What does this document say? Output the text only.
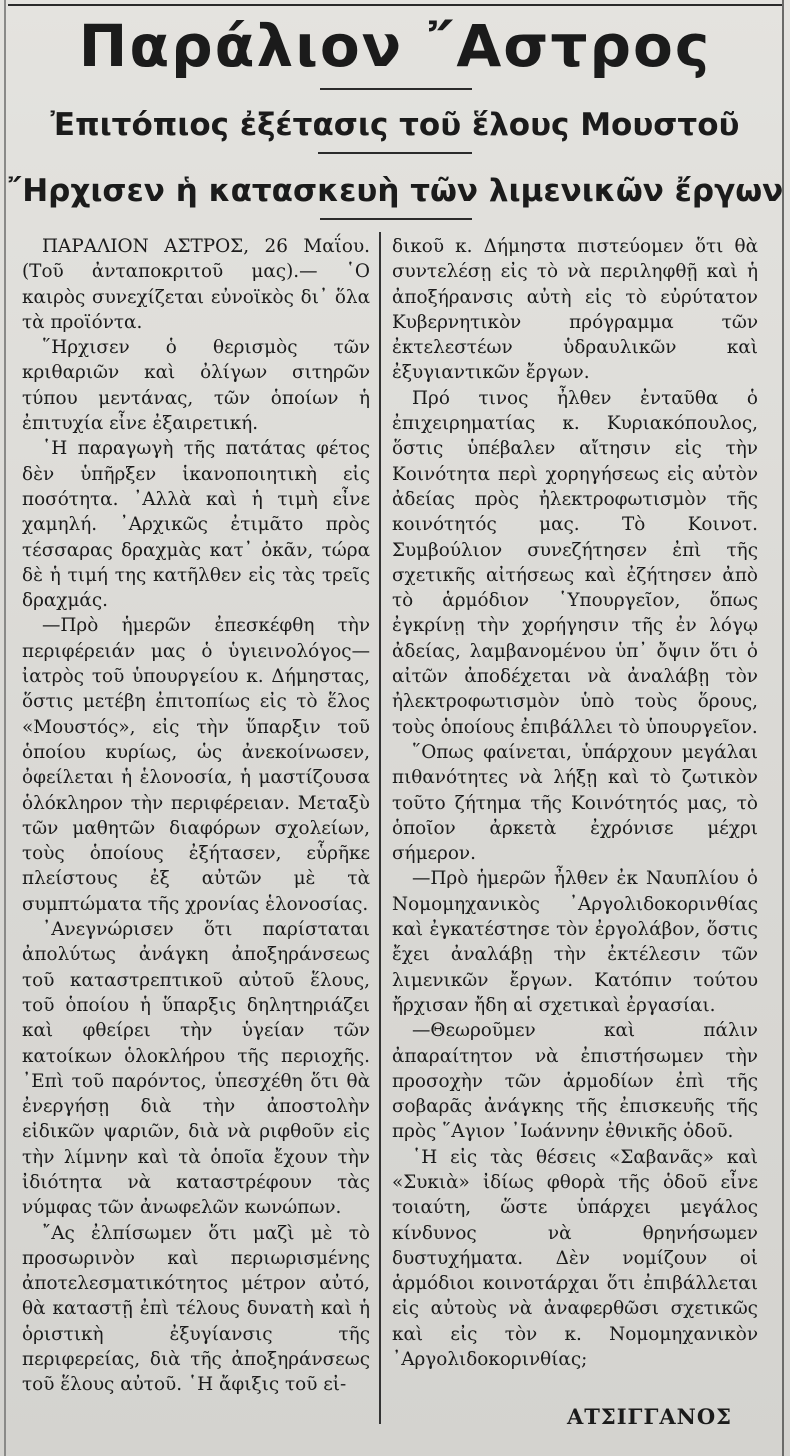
Παράλιον ῎Αστρος
Ἐπιτόπιος ἐξέτασις τοῦ ἕλους Μουστοῦ
῎Ηρχισεν ἡ κατασκευὴ τῶν λιμενικῶν ἔργων

ΠΑΡΑΛΙΟΝ ΑΣΤΡΟΣ, 26 Μαΐου. (Τοῦ ἀνταποκριτοῦ μας).— ῾Ο καιρὸς συνεχίζεται εὐνοϊκὸς δι᾽ ὅλα τὰ προϊόντα.

῞Ηρχισεν ὁ θερισμὸς τῶν κριθαριῶν καὶ ὀλίγων σιτηρῶν τύπου μεντάνας, τῶν ὁποίων ἡ ἐπιτυχία εἶνε ἐξαιρετική.

῾Η παραγωγὴ τῆς πατάτας φέτος δὲν ὑπῆρξεν ἱκανοποιητικὴ εἰς ποσότητα. ᾽Αλλὰ καὶ ἡ τιμὴ εἶνε χαμηλή. ᾽Αρχικῶς ἐτιμᾶτο πρὸς τέσσαρας δραχμὰς κατ᾽ ὀκᾶν, τώρα δὲ ἡ τιμή της κατῆλθεν εἰς τὰς τρεῖς δραχμάς.

—Πρὸ ἡμερῶν ἐπεσκέφθη τὴν περιφέρειάν μας ὁ ὑγιεινολόγος— ἰατρὸς τοῦ ὑπουργείου κ. Δήμηστας, ὅστις μετέβη ἐπιτοπίως εἰς τὸ ἕλος «Μουστός», εἰς τὴν ὕπαρξιν τοῦ ὁποίου κυρίως, ὡς ἀνεκοίνωσεν, ὀφείλεται ἡ ἑλονοσία, ἡ μαστίζουσα ὁλόκληρον τὴν περιφέρειαν. Μεταξὺ τῶν μαθητῶν διαφόρων σχολείων, τοὺς ὁποίους ἐξήτασεν, εὗρῆκε πλείστους ἐξ αὐτῶν μὲ τὰ συμπτώματα τῆς χρονίας ἑλονοσίας.

᾽Ανεγνώρισεν ὅτι παρίσταται ἀπολύτως ἀνάγκη ἀποξηράνσεως τοῦ καταστρεπτικοῦ αὐτοῦ ἕλους, τοῦ ὁποίου ἡ ὕπαρξις δηλητηριάζει καὶ φθείρει τὴν ὑγείαν τῶν κατοίκων ὁλοκλήρου τῆς περιοχῆς. ᾽Επὶ τοῦ παρόντος, ὑπεσχέθη ὅτι θὰ ἐνεργήσῃ διὰ τὴν ἀποστολὴν εἰδικῶν ψαριῶν, διὰ νὰ ριφθοῦν εἰς τὴν λίμνην καὶ τὰ ὁποῖα ἔχουν τὴν ἰδιότητα νὰ καταστρέφουν τὰς νύμφας τῶν ἀνωφελῶν κωνώπων.

῎Ας ἐλπίσωμεν ὅτι μαζὶ μὲ τὸ προσωρινὸν καὶ περιωρισμένης ἀποτελεσματικότητος μέτρον αὐτό, θὰ καταστῇ ἐπὶ τέλους δυνατὴ καὶ ἡ ὁριστικὴ ἐξυγίανσις τῆς περιφερείας, διὰ τῆς ἀποξηράνσεως τοῦ ἕλους αὐτοῦ. ῾Η ἄφιξις τοῦ εἰ-

δικοῦ κ. Δήμηστα πιστεύομεν ὅτι θὰ συντελέσῃ εἰς τὸ νὰ περιληφθῇ καὶ ἡ ἀποξήρανσις αὐτὴ εἰς τὸ εὐρύτατον Κυβερνητικὸν πρόγραμμα τῶν ἐκτελεστέων ὑδραυλικῶν καὶ ἐξυγιαντικῶν ἔργων.

Πρό τινος ἦλθεν ἐνταῦθα ὁ ἐπιχειρηματίας κ. Κυριακόπουλος, ὅστις ὑπέβαλεν αἴτησιν εἰς τὴν Κοινότητα περὶ χορηγήσεως εἰς αὐτὸν ἀδείας πρὸς ἠλεκτροφωτισμὸν τῆς κοινότητός μας. Τὸ Κοινοτ. Συμβούλιον συνεζήτησεν ἐπὶ τῆς σχετικῆς αἰτήσεως καὶ ἐζήτησεν ἀπὸ τὸ ἁρμόδιον ῾Υπουργεῖον, ὅπως ἐγκρίνῃ τὴν χορήγησιν τῆς ἐν λόγῳ ἀδείας, λαμβανομένου ὑπ᾽ ὄψιν ὅτι ὁ αἰτῶν ἀποδέχεται νὰ ἀναλάβῃ τὸν ἠλεκτροφωτισμὸν ὑπὸ τοὺς ὅρους, τοὺς ὁποίους ἐπιβάλλει τὸ ὑπουργεῖον.

῞Οπως φαίνεται, ὑπάρχουν μεγάλαι πιθανότητες νὰ λήξῃ καὶ τὸ ζωτικὸν τοῦτο ζήτημα τῆς Κοινότητός μας, τὸ ὁποῖον ἀρκετὰ ἐχρόνισε μέχρι σήμερον.

—Πρὸ ἡμερῶν ἦλθεν ἐκ Ναυπλίου ὁ Νομομηχανικὸς ᾽Αργολιδοκορινθίας καὶ ἐγκατέστησε τὸν ἐργολάβον, ὅστις ἔχει ἀναλάβῃ τὴν ἐκτέλεσιν τῶν λιμενικῶν ἔργων. Κατόπιν τούτου ἤρχισαν ἤδη αἱ σχετικαὶ ἐργασίαι.

—Θεωροῦμεν καὶ πάλιν ἀπαραίτητον νὰ ἐπιστήσωμεν τὴν προσοχὴν τῶν ἁρμοδίων ἐπὶ τῆς σοβαρᾶς ἀνάγκης τῆς ἐπισκευῆς τῆς πρὸς ῞Αγιον ᾽Ιωάννην ἐθνικῆς ὁδοῦ.

῾Η εἰς τὰς θέσεις «Σαβανᾶς» καὶ «Συκιὰ» ἰδίως φθορὰ τῆς ὁδοῦ εἶνε τοιαύτη, ὥστε ὑπάρχει μεγάλος κίνδυνος νὰ θρηνήσωμεν δυστυχήματα. Δὲν νομίζουν οἱ ἁρμόδιοι κοινοτάρχαι ὅτι ἐπιβάλλεται εἰς αὐτοὺς νὰ ἀναφερθῶσι σχετικῶς καὶ εἰς τὸν κ. Νομομηχανικὸν ᾽Αργολιδοκορινθίας;

ΑΤΣΙΓΓΑΝΟΣ
